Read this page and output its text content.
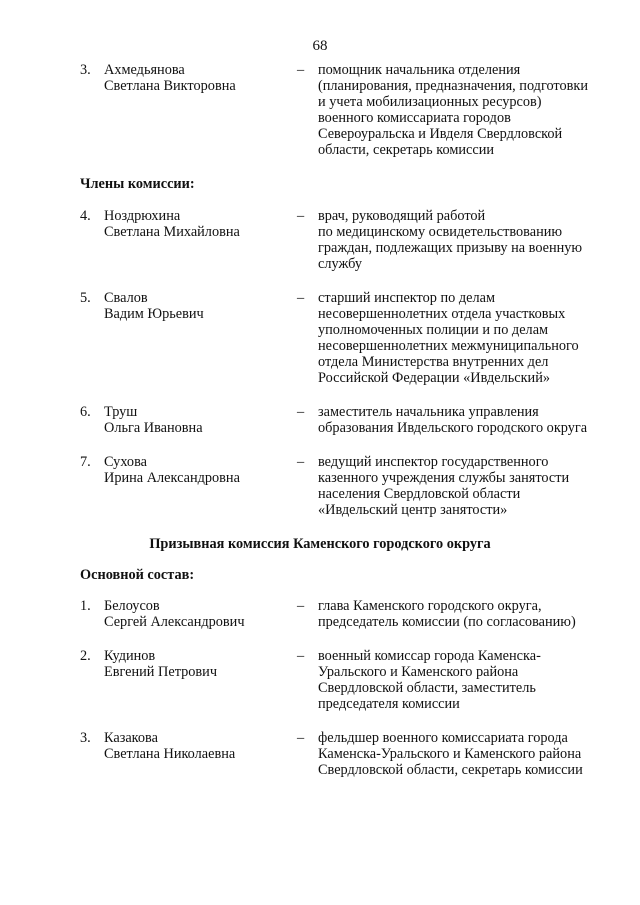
68
3. Ахмедьянова
Светлана Викторовна
– помощник начальника отделения
(планирования, предназначения, подготовки
и учета мобилизационных ресурсов)
военного комиссариата городов
Североуральска и Ивделя Свердловской
области, секретарь комиссии
Члены комиссии:
4. Ноздрюхина
Светлана Михайловна
– врач, руководящий работой
по медицинскому освидетельствованию
граждан, подлежащих призыву на военную
службу
5. Свалов
Вадим Юрьевич
– старший инспектор по делам
несовершеннолетних отдела участковых
уполномоченных полиции и по делам
несовершеннолетних межмуниципального
отдела Министерства внутренних дел
Российской Федерации «Ивдельский»
6. Труш
Ольга Ивановна
– заместитель начальника управления
образования Ивдельского городского округа
7. Сухова
Ирина Александровна
– ведущий инспектор государственного
казенного учреждения службы занятости
населения Свердловской области
«Ивдельский центр занятости»
Призывная комиссия Каменского городского округа
Основной состав:
1. Белоусов
Сергей Александрович
– глава Каменского городского округа,
председатель комиссии (по согласованию)
2. Кудинов
Евгений Петрович
– военный комиссар города Каменска-
Уральского и Каменского района
Свердловской области, заместитель
председателя комиссии
3. Казакова
Светлана Николаевна
– фельдшер военного комиссариата города
Каменска-Уральского и Каменского района
Свердловской области, секретарь комиссии
